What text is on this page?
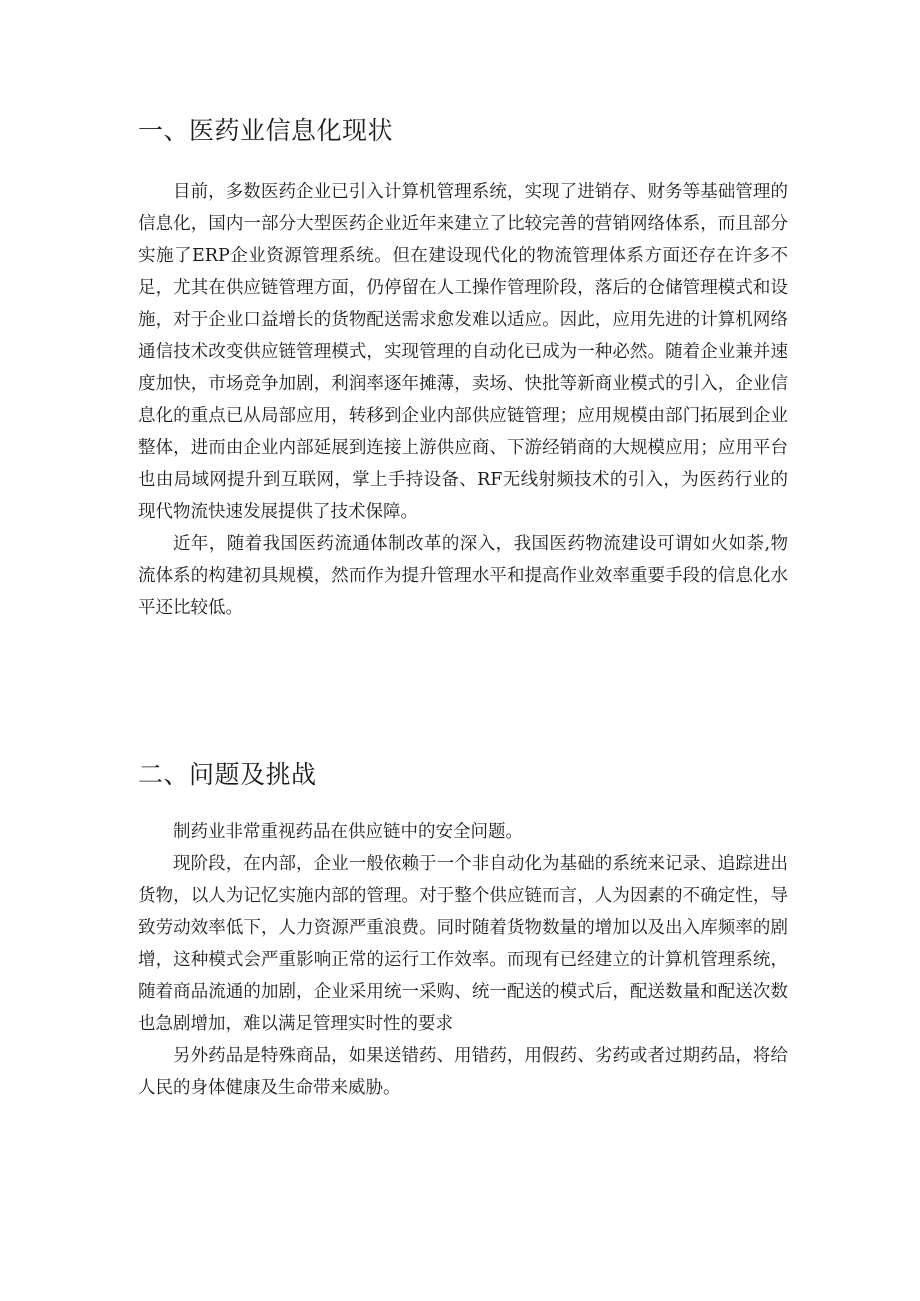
一、医药业信息化现状

目前，多数医药企业已引入计算机管理系统，实现了进销存、财务等基础管理的信息化，国内一部分大型医药企业近年来建立了比较完善的营销网络体系，而且部分实施了ERP企业资源管理系统。但在建设现代化的物流管理体系方面还存在许多不足，尤其在供应链管理方面，仍停留在人工操作管理阶段，落后的仓储管理模式和设施，对于企业口益增长的货物配送需求愈发难以适应。因此，应用先进的计算机网络通信技术改变供应链管理模式，实现管理的自动化已成为一种必然。随着企业兼并速度加快，市场竞争加剧，利润率逐年摊薄，卖场、快批等新商业模式的引入，企业信息化的重点已从局部应用，转移到企业内部供应链管理；应用规模由部门拓展到企业整体，进而由企业内部延展到连接上游供应商、下游经销商的大规模应用；应用平台也由局域网提升到互联网，掌上手持设备、RF无线射频技术的引入，为医药行业的现代物流快速发展提供了技术保障。

近年，随着我国医药流通体制改革的深入，我国医药物流建设可谓如火如荼,物流体系的构建初具规模，然而作为提升管理水平和提高作业效率重要手段的信息化水平还比较低。

二、问题及挑战

制药业非常重视药品在供应链中的安全问题。

现阶段，在内部，企业一般依赖于一个非自动化为基础的系统来记录、追踪进出货物，以人为记忆实施内部的管理。对于整个供应链而言，人为因素的不确定性，导致劳动效率低下，人力资源严重浪费。同时随着货物数量的增加以及出入库频率的剧增，这种模式会严重影响正常的运行工作效率。而现有已经建立的计算机管理系统，随着商品流通的加剧，企业采用统一采购、统一配送的模式后，配送数量和配送次数也急剧增加，难以满足管理实时性的要求

另外药品是特殊商品，如果送错药、用错药，用假药、劣药或者过期药品，将给人民的身体健康及生命带来威胁。
